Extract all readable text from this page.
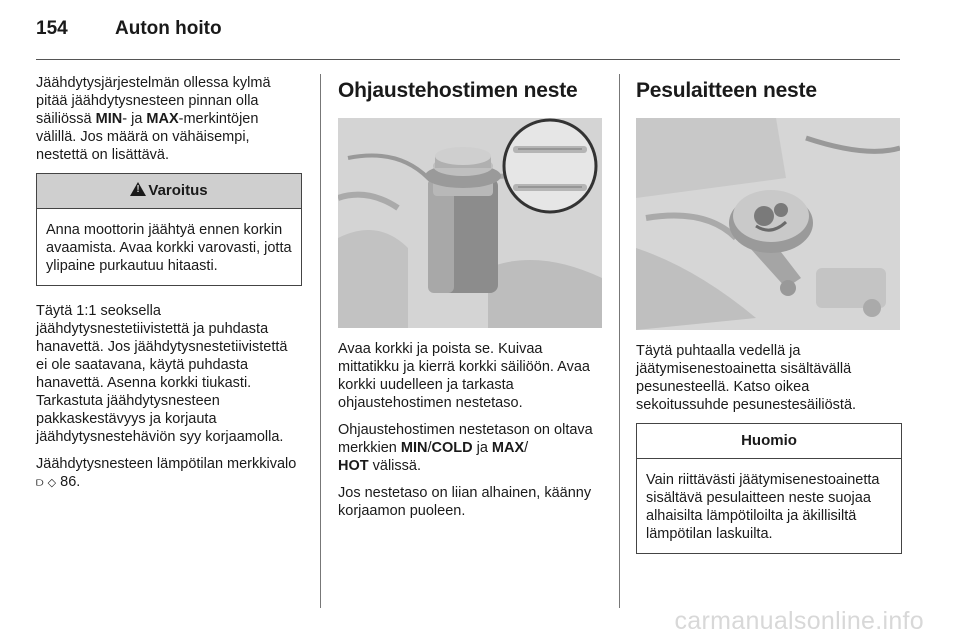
154 Auton hoito

Jäähdytysjärjestelmän ollessa kylmä pitää jäähdytysnesteen pinnan olla säiliössä MIN- ja MAX-merkintöjen välillä. Jos määrä on vähäisempi, nestettä on lisättävä.

!Varoitus
Anna moottorin jäähtyä ennen korkin avaamista. Avaa korkki varovasti, jotta ylipaine purkautuu hitaasti.

Täytä 1:1 seoksella jäähdytysnestetiivistettä ja puhdasta hanavettä. Jos jäähdytysnestetiivistettä ei ole saatavana, käytä puhdasta hanavettä. Asenna korkki tiukasti. Tarkastuta jäähdytysnesteen pakkaskestävyys ja korjauta jäähdytysnestehäviön syy korjaamolla.

Jäähdytysnesteen lämpötilan merkkivalo ⫐ ◇ 86.

Ohjaustehostimen neste

Avaa korkki ja poista se. Kuivaa mittatikku ja kierrä korkki säiliöön. Avaa korkki uudelleen ja tarkasta ohjaustehostimen nestetaso.

Ohjaustehostimen nestetason on oltava merkkien MIN/COLD ja MAX/
HOT välissä.

Jos nestetaso on liian alhainen, käänny korjaamon puoleen.

Pesulaitteen neste

Täytä puhtaalla vedellä ja jäätymisenestoainetta sisältävällä pesunesteellä. Katso oikea sekoitussuhde pesunestesäiliöstä.

Huomio
Vain riittävästi jäätymisenestoainetta sisältävä pesulaitteen neste suojaa alhaisilta lämpötiloilta ja äkillisiltä lämpötilan laskuilta.
carmanualsonline.info
